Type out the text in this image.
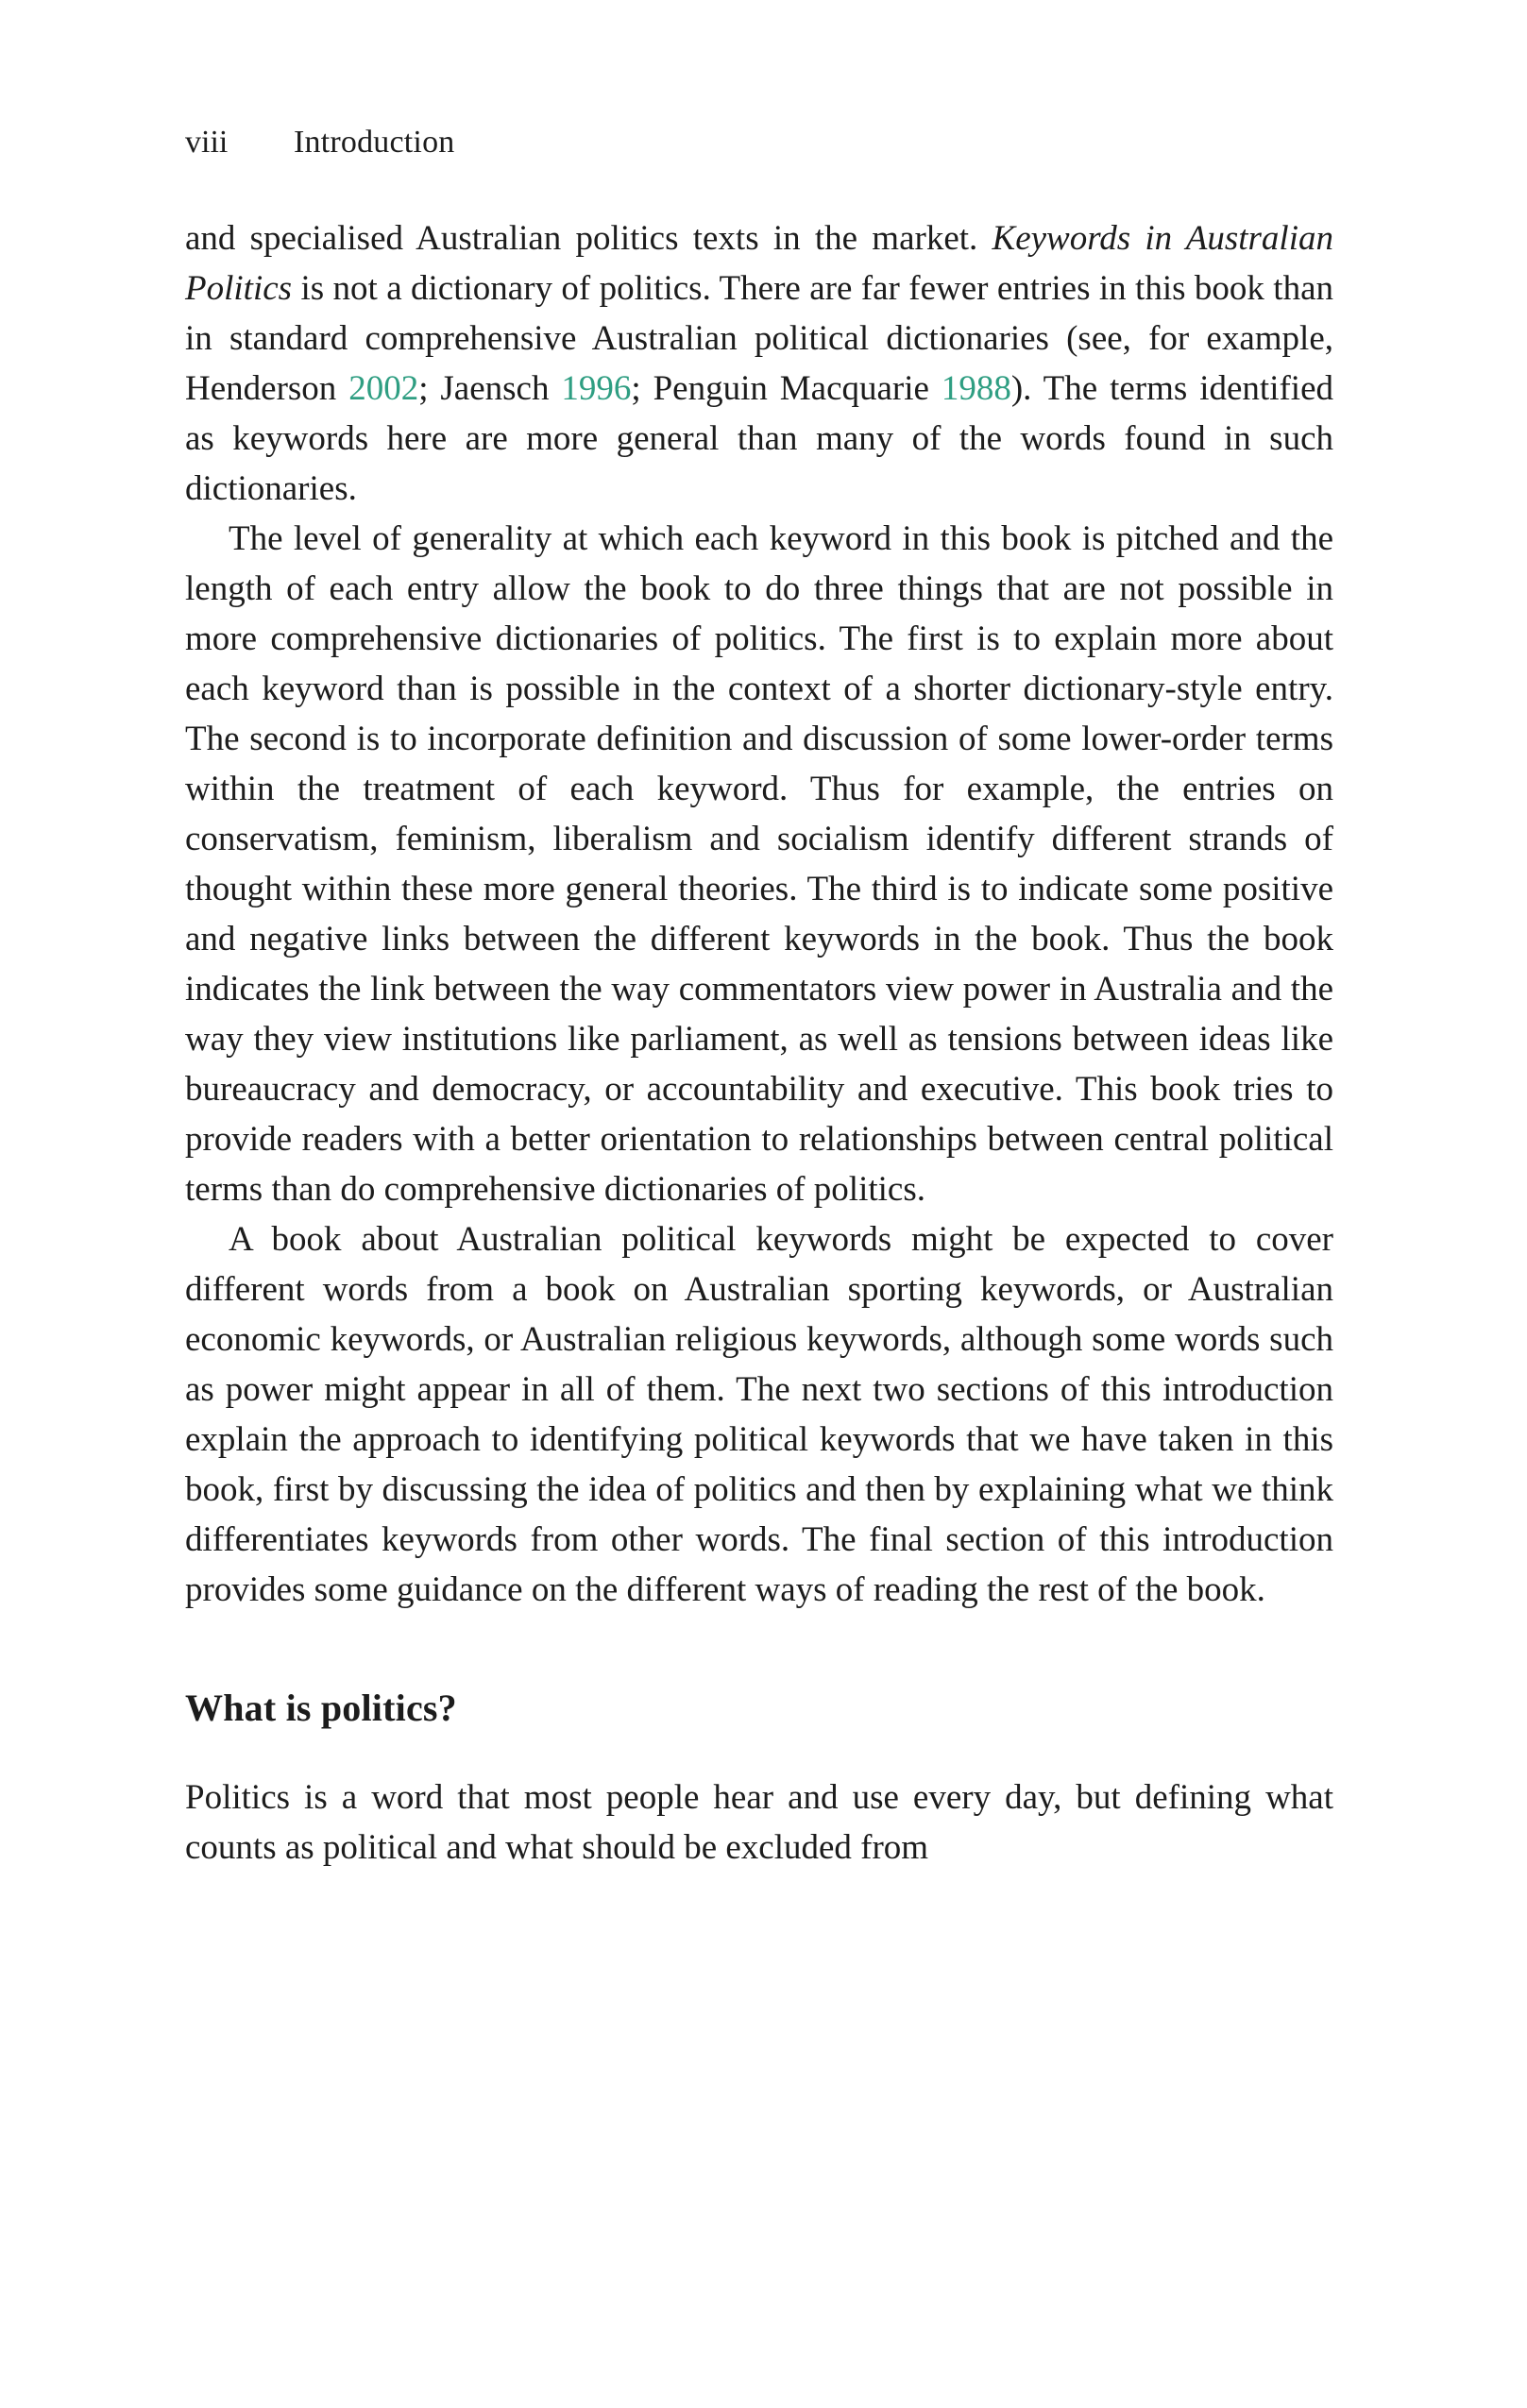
viii	Introduction

and specialised Australian politics texts in the market. Keywords in Australian Politics is not a dictionary of politics. There are far fewer entries in this book than in standard comprehensive Australian political dictionaries (see, for example, Henderson 2002; Jaensch 1996; Penguin Macquarie 1988). The terms identified as keywords here are more general than many of the words found in such dictionaries.

The level of generality at which each keyword in this book is pitched and the length of each entry allow the book to do three things that are not possible in more comprehensive dictionaries of politics. The first is to explain more about each keyword than is possible in the context of a shorter dictionary-style entry. The second is to incorporate definition and discussion of some lower-order terms within the treatment of each keyword. Thus for example, the entries on conservatism, feminism, liberalism and socialism identify different strands of thought within these more general theories. The third is to indicate some positive and negative links between the different keywords in the book. Thus the book indicates the link between the way commentators view power in Australia and the way they view institutions like parliament, as well as tensions between ideas like bureaucracy and democracy, or accountability and executive. This book tries to provide readers with a better orientation to relationships between central political terms than do comprehensive dictionaries of politics.

A book about Australian political keywords might be expected to cover different words from a book on Australian sporting keywords, or Australian economic keywords, or Australian religious keywords, although some words such as power might appear in all of them. The next two sections of this introduction explain the approach to identifying political keywords that we have taken in this book, first by discussing the idea of politics and then by explaining what we think differentiates keywords from other words. The final section of this introduction provides some guidance on the different ways of reading the rest of the book.

What is politics?

Politics is a word that most people hear and use every day, but defining what counts as political and what should be excluded from
